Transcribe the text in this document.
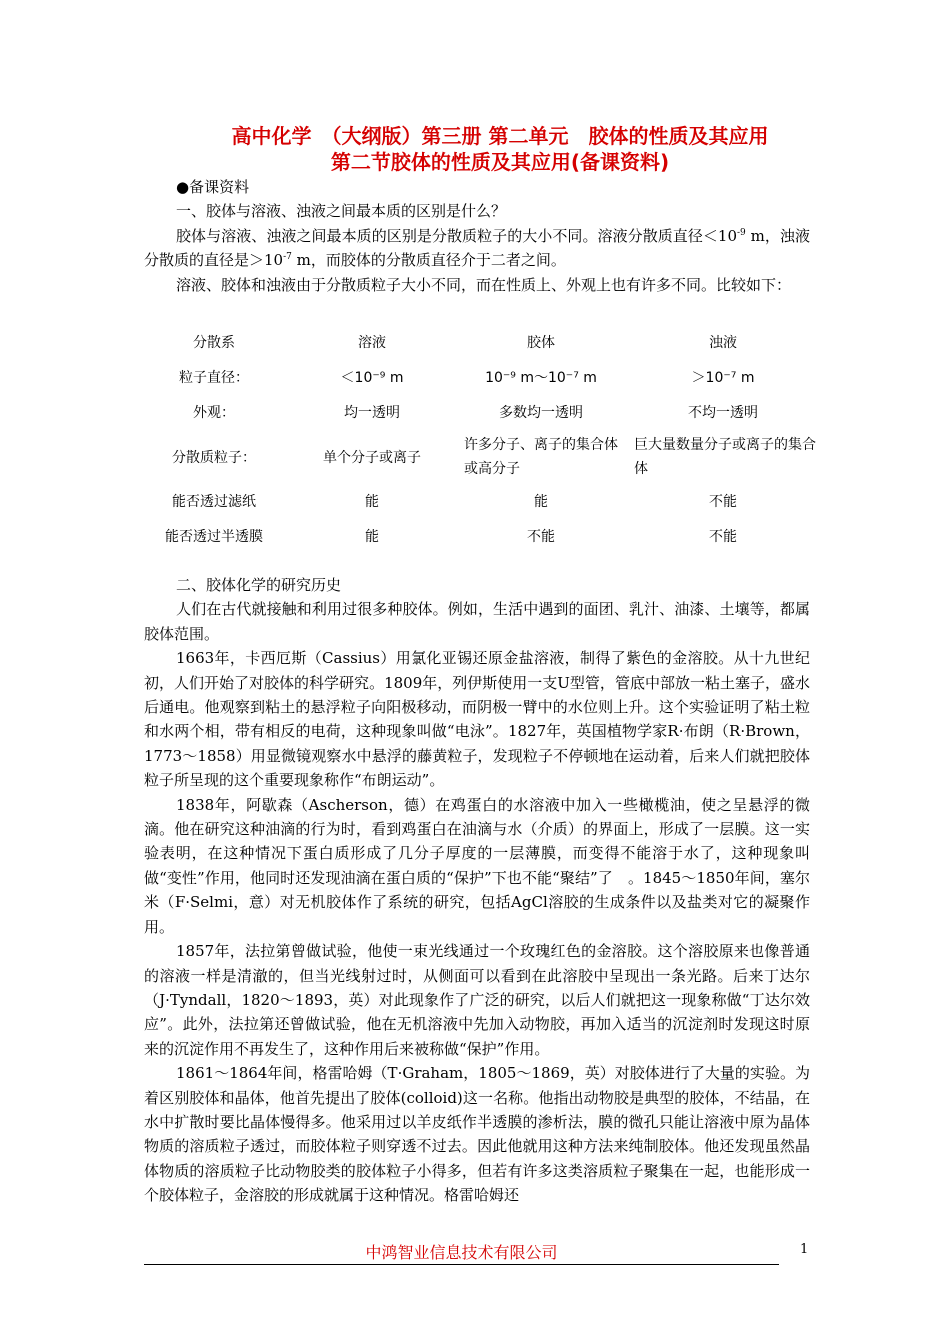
高中化学　（大纲版）第三册 第二单元　胶体的性质及其应用
第二节胶体的性质及其应用(备课资料)

●备课资料

一、胶体与溶液、浊液之间最本质的区别是什么？

胶体与溶液、浊液之间最本质的区别是分散质粒子的大小不同。溶液分散质直径$<10^{-9}$ m，浊液分散质的直径是$>10^{-7}$ m，而胶体的分散质直径介于二者之间。

溶液、胶体和浊液由于分散质粒子大小不同，而在性质上、外观上也有许多不同。比较如下：

分散系	溶液	胶体	浊液
粒子直径：	＜10⁻⁹ m	10⁻⁹ m～10⁻⁷ m	＞10⁻⁷ m
外观：	均一透明	多数均一透明	不均一透明
分散质粒子：	单个分子或离子	许多分子、离子的集合体或高分子	巨大量数量分子或离子的集合体
能否透过滤纸	能	能	不能
能否透过半透膜	能	不能	不能

二、胶体化学的研究历史

人们在古代就接触和利用过很多种胶体。例如，生活中遇到的面团、乳汁、油漆、土壤等，都属胶体范围。

1663年，卡西厄斯（Cassius）用氯化亚锡还原金盐溶液，制得了紫色的金溶胶。从十九世纪初，人们开始了对胶体的科学研究。1809年，列伊斯使用一支U型管，管底中部放一粘土塞子，盛水后通电。他观察到粘土的悬浮粒子向阳极移动，而阴极一臂中的水位则上升。这个实验证明了粘土粒和水两个相，带有相反的电荷，这种现象叫做“电泳”。1827年，英国植物学家R·布朗（R·Brown，1773～1858）用显微镜观察水中悬浮的藤黄粒子，发现粒子不停顿地在运动着，后来人们就把胶体粒子所呈现的这个重要现象称作“布朗运动”。

1838年，阿歇森（Ascherson，德）在鸡蛋白的水溶液中加入一些橄榄油，使之呈悬浮的微滴。他在研究这种油滴的行为时，看到鸡蛋白在油滴与水（介质）的界面上，形成了一层膜。这一实验表明，在这种情况下蛋白质形成了几分子厚度的一层薄膜，而变得不能溶于水了，这种现象叫做“变性”作用，他同时还发现油滴在蛋白质的“保护”下也不能“聚结”了　。1845～1850年间，塞尔米（F·Selmi，意）对无机胶体作了系统的研究，包括AgCl溶胶的生成条件以及盐类对它的凝聚作用。

1857年，法拉第曾做试验，他使一束光线通过一个玫瑰红色的金溶胶。这个溶胶原来也像普通的溶液一样是清澈的，但当光线射过时，从侧面可以看到在此溶胶中呈现出一条光路。后来丁达尔（J·Tyndall，1820～1893，英）对此现象作了广泛的研究，以后人们就把这一现象称做“丁达尔效应”。此外，法拉第还曾做试验，他在无机溶液中先加入动物胶，再加入适当的沉淀剂时发现这时原来的沉淀作用不再发生了，这种作用后来被称做“保护”作用。

1861～1864年间，格雷哈姆（T·Graham，1805～1869，英）对胶体进行了大量的实验。为着区别胶体和晶体，他首先提出了胶体(colloid)这一名称。他指出动物胶是典型的胶体，不结晶，在水中扩散时要比晶体慢得多。他采用过以羊皮纸作半透膜的渗析法，膜的微孔只能让溶液中原为晶体物质的溶质粒子透过，而胶体粒子则穿透不过去。因此他就用这种方法来纯制胶体。他还发现虽然晶体物质的溶质粒子比动物胶类的胶体粒子小得多，但若有许多这类溶质粒子聚集在一起，也能形成一个胶体粒子，金溶胶的形成就属于这种情况。格雷哈姆还

中鸿智业信息技术有限公司	1
